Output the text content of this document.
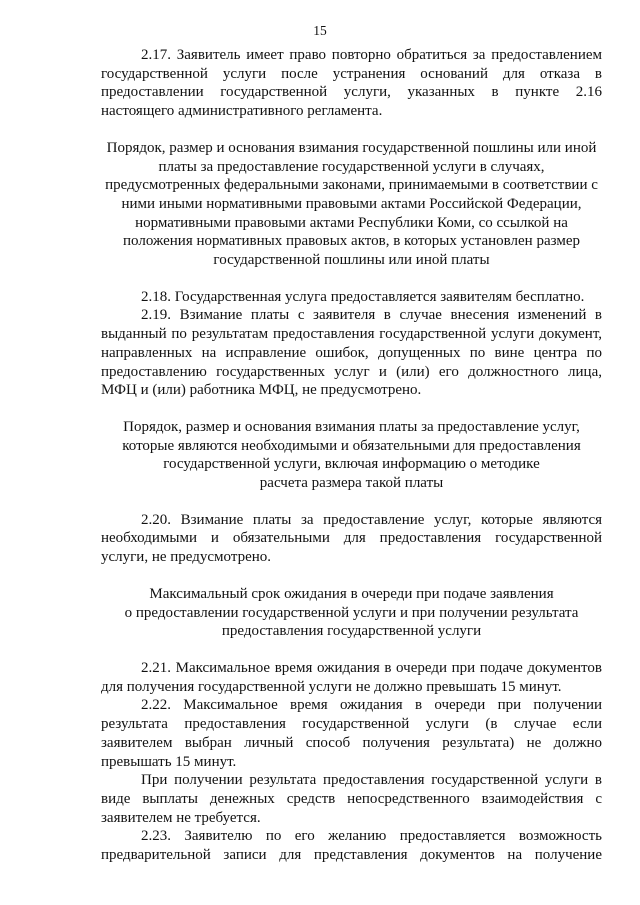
15

2.17. Заявитель имеет право повторно обратиться за предоставлением
государственной услуги после устранения оснований для отказа в
предоставлении государственной услуги, указанных в пункте 2.16
настоящего административного регламента.

Порядок, размер и основания взимания государственной пошлины или иной
платы за предоставление государственной услуги в случаях,
предусмотренных федеральными законами, принимаемыми в соответствии с
ними иными нормативными правовыми актами Российской Федерации,
нормативными правовыми актами Республики Коми, со ссылкой на
положения нормативных правовых актов, в которых установлен размер
государственной пошлины или иной платы

2.18. Государственная услуга предоставляется заявителям бесплатно.

2.19. Взимание платы с заявителя в случае внесения изменений в
выданный по результатам предоставления государственной услуги документ,
направленных на исправление ошибок, допущенных по вине центра по
предоставлению государственных услуг и (или) его должностного лица,
МФЦ и (или) работника МФЦ, не предусмотрено.

Порядок, размер и основания взимания платы за предоставление услуг,
которые являются необходимыми и обязательными для предоставления
государственной услуги, включая информацию о методике
расчета размера такой платы

2.20. Взимание платы за предоставление услуг, которые являются
необходимыми и обязательными для предоставления государственной
услуги, не предусмотрено.

Максимальный срок ожидания в очереди при подаче заявления
о предоставлении государственной услуги и при получении результата
предоставления государственной услуги

2.21. Максимальное время ожидания в очереди при подаче документов
для получения государственной услуги не должно превышать 15 минут.

2.22. Максимальное время ожидания в очереди при получении
результата предоставления государственной услуги (в случае если
заявителем выбран личный способ получения результата) не должно
превышать 15 минут.

При получении результата предоставления государственной услуги в
виде выплаты денежных средств непосредственного взаимодействия с
заявителем не требуется.

2.23. Заявителю по его желанию предоставляется возможность
предварительной записи для представления документов на получение
